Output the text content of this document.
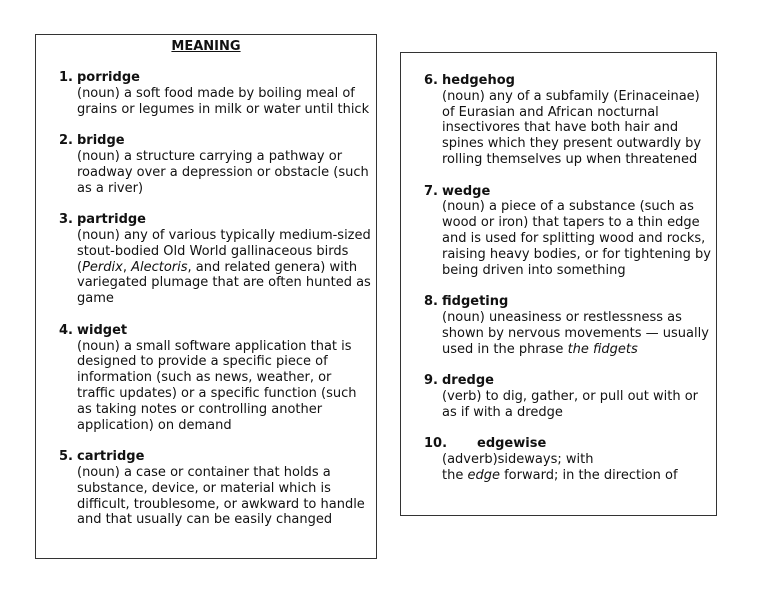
MEANING
1. porridge
(noun) a soft food made by boiling meal of grains or legumes in milk or water until thick
2. bridge
(noun) a structure carrying a pathway or roadway over a depression or obstacle (such as a river)
3. partridge
(noun) any of various typically medium-sized stout-bodied Old World gallinaceous birds (Perdix, Alectoris, and related genera) with variegated plumage that are often hunted as game
4. widget
(noun) a small software application that is designed to provide a specific piece of information (such as news, weather, or traffic updates) or a specific function (such as taking notes or controlling another application) on demand
5. cartridge
(noun) a case or container that holds a substance, device, or material which is difficult, troublesome, or awkward to handle and that usually can be easily changed
6. hedgehog
(noun) any of a subfamily (Erinaceinae) of Eurasian and African nocturnal insectivores that have both hair and spines which they present outwardly by rolling themselves up when threatened
7. wedge
(noun) a piece of a substance (such as wood or iron) that tapers to a thin edge and is used for splitting wood and rocks, raising heavy bodies, or for tightening by being driven into something
8. fidgeting
(noun) uneasiness or restlessness as shown by nervous movements — usually used in the phrase the fidgets
9. dredge
(verb) to dig, gather, or pull out with or as if with a dredge
10.	edgewise
(adverb)sideways; with
the edge forward; in the direction of
